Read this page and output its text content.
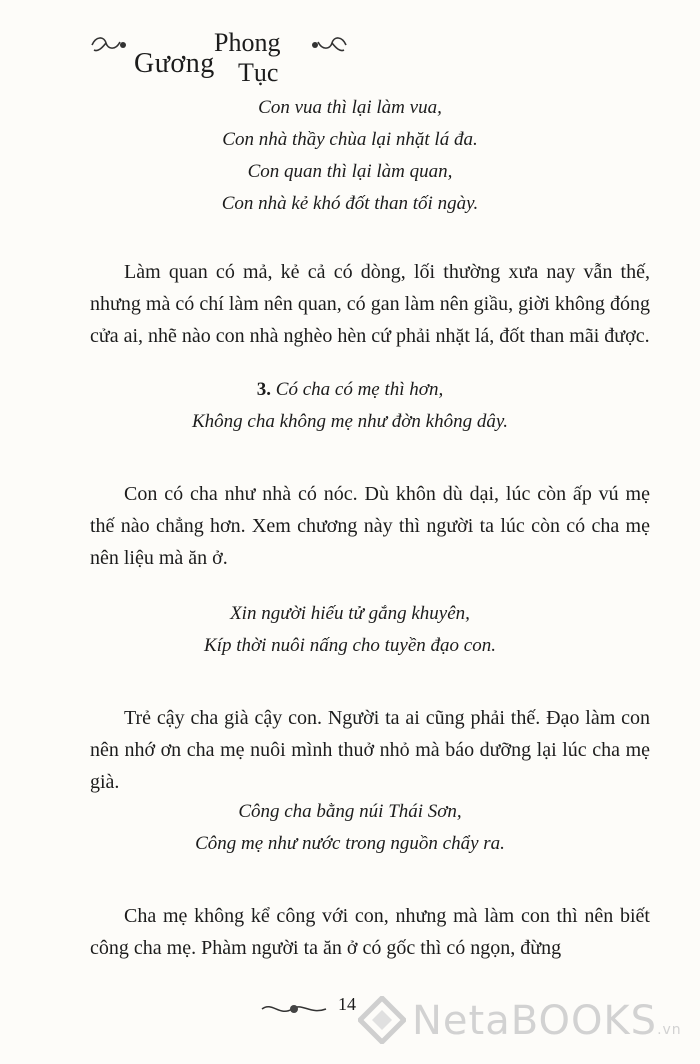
Gương
Phong
Tục
Con vua thì lại làm vua,
Con nhà thầy chùa lại nhặt lá đa.
Con quan thì lại làm quan,
Con nhà kẻ khó đốt than tối ngày.

Làm quan có mả, kẻ cả có dòng, lối thường xưa nay vẫn thế, nhưng mà có chí làm nên quan, có gan làm nên giầu, giời không đóng cửa ai, nhẽ nào con nhà nghèo hèn cứ phải nhặt lá, đốt than mãi được.

3. Có cha có mẹ thì hơn,
Không cha không mẹ như đờn không dây.

Con có cha như nhà có nóc. Dù khôn dù dại, lúc còn ấp vú mẹ thế nào chẳng hơn. Xem chương này thì người ta lúc còn có cha mẹ nên liệu mà ăn ở.

Xin người hiếu tử gắng khuyên,
Kíp thời nuôi nấng cho tuyền đạo con.

Trẻ cậy cha già cậy con. Người ta ai cũng phải thế. Đạo làm con nên nhớ ơn cha mẹ nuôi mình thuở nhỏ mà báo dưỡng lại lúc cha mẹ già.

Công cha bằng núi Thái Sơn,
Công mẹ như nước trong nguồn chẩy ra.

Cha mẹ không kể công với con, nhưng mà làm con thì nên biết công cha mẹ. Phàm người ta ăn ở có gốc thì có ngọn, đừng

14 NetaBOOKS.vn
